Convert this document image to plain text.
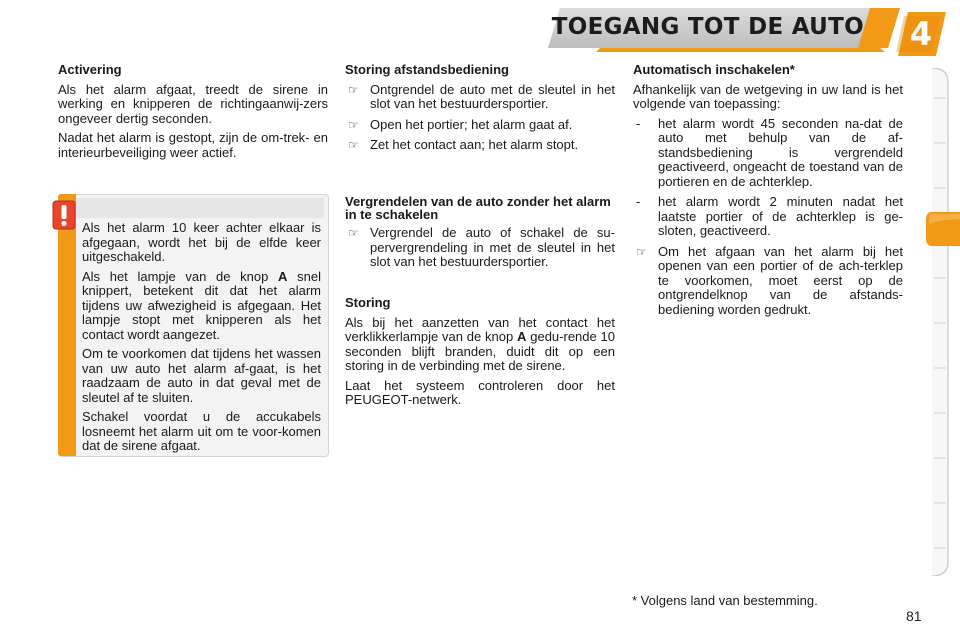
TOEGANG TOT DE AUTO	4
Activering

Als het alarm afgaat, treedt de sirene in werking en knipperen de richtingaanwij-zers ongeveer dertig seconden.

Nadat het alarm is gestopt, zijn de om-trek- en interieurbeveiliging weer actief.

Als het alarm 10 keer achter elkaar is afgegaan, wordt het bij de elfde keer uitgeschakeld.

Als het lampje van de knop A snel knippert, betekent dit dat het alarm tijdens uw afwezigheid is afgegaan. Het lampje stopt met knipperen als het contact wordt aangezet.

Om te voorkomen dat tijdens het wassen van uw auto het alarm af-gaat, is het raadzaam de auto in dat geval met de sleutel af te sluiten.

Schakel voordat u de accukabels losneemt het alarm uit om te voor-komen dat de sirene afgaat.

Storing afstandsbediening
☞ Ontgrendel de auto met de sleutel in het slot van het bestuurdersportier.
☞ Open het portier; het alarm gaat af.
☞ Zet het contact aan; het alarm stopt.
Vergrendelen van de auto zonder het alarm in te schakelen
☞ Vergrendel de auto of schakel de su-pervergrendeling in met de sleutel in het slot van het bestuurdersportier.
Storing

Als bij het aanzetten van het contact het verklikkerlampje van de knop A gedu-rende 10 seconden blijft branden, duidt dit op een storing in de verbinding met de sirene.

Laat het systeem controleren door het PEUGEOT-netwerk.

Automatisch inschakelen*

Afhankelijk van de wetgeving in uw land is het volgende van toepassing:

- het alarm wordt 45 seconden na-dat de auto met behulp van de af-standsbediening is vergrendeld geactiveerd, ongeacht de toestand van de portieren en de achterklep.
- het alarm wordt 2 minuten nadat het laatste portier of de achterklep is ge-sloten, geactiveerd.
☞ Om het afgaan van het alarm bij het openen van een portier of de ach-terklep te voorkomen, moet eerst op de ontgrendelknop van de afstands-bediening worden gedrukt.
* Volgens land van bestemming.
81
